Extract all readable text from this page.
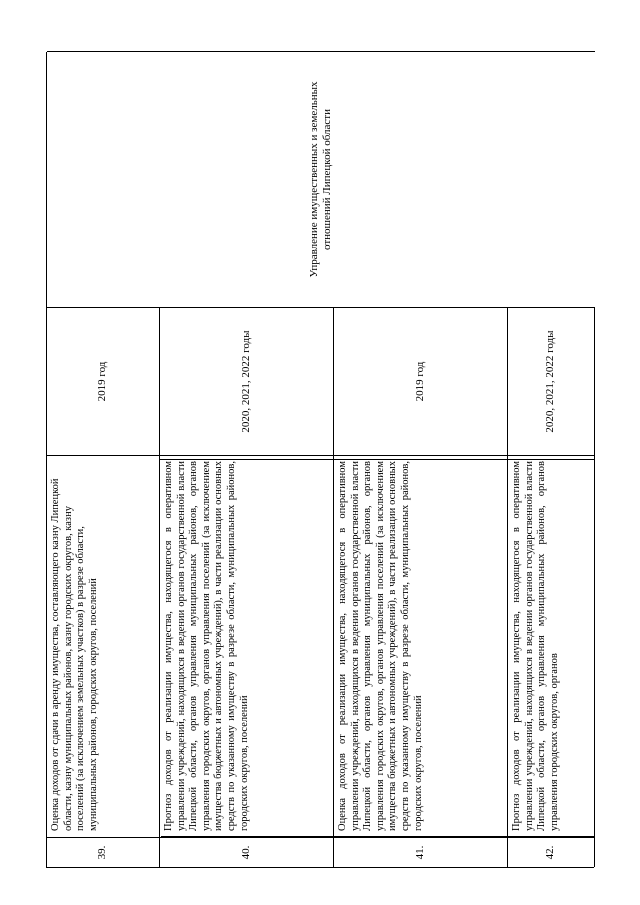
39.
Оценка доходов от сдачи в аренду имущества, составляющего казну Липецкой области, казну муниципальных районов, казну городских округов, казну поселений (за исключением земельных участков) в разрезе области, муниципальных районов, городских округов, поселений
2019 год
40.
Прогноз доходов от реализации имущества, находящегося в оперативном управлении учреждений, находящихся в ведении органов государственной власти Липецкой области, органов управления муниципальных районов, органов управления городских округов, органов управления поселений (за исключением имущества бюджетных и автономных учреждений), в части реализации основных средств по указанному имуществу в разрезе области, муниципальных районов, городских округов, поселений
2020, 2021, 2022 годы
41.
Оценка доходов от реализации имущества, находящегося в оперативном управлении учреждений, находящихся в ведении органов государственной власти Липецкой области, органов управления муниципальных районов, органов управления городских округов, органов управления поселений (за исключением имущества бюджетных и автономных учреждений), в части реализации основных средств по указанному имуществу в разрезе области, муниципальных районов, городских округов, поселений
2019 год
42.
Прогноз доходов от реализации имущества, находящегося в оперативном управлении учреждений, находящихся в ведении органов государственной власти Липецкой области, органов управления муниципальных районов, органов управления городских округов, органов
2020, 2021, 2022 годы
Управление имущественных и земельных отношений Липецкой области
